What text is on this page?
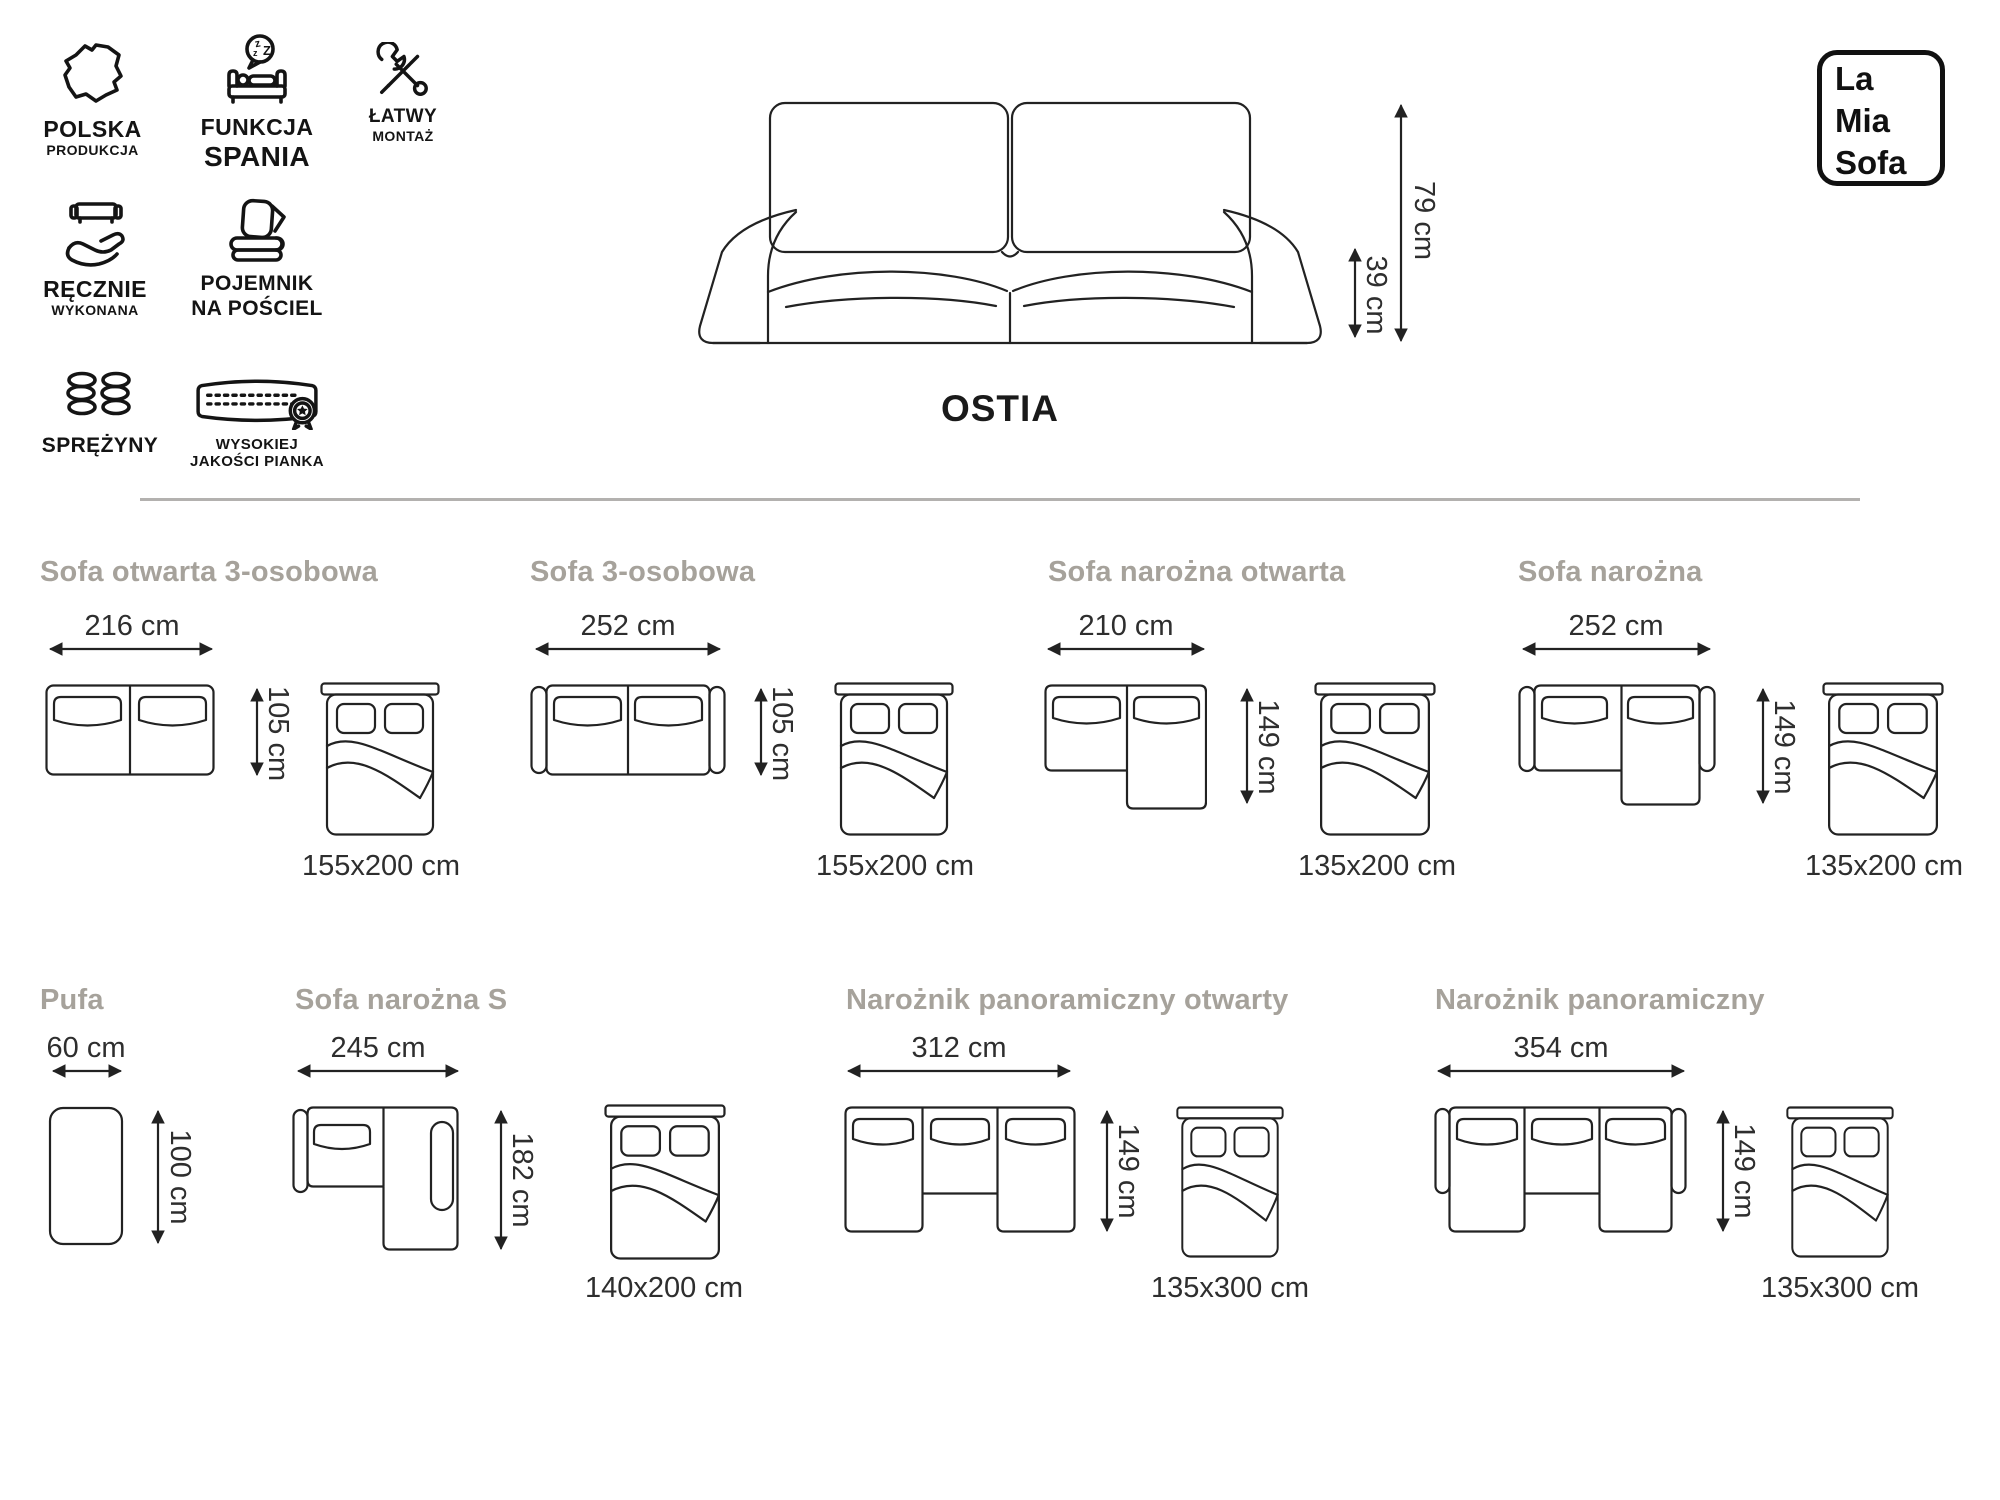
POLSKA
PRODUKCJA
z Z
z
FUNKCJA
SPANIA
ŁATWY
MONTAŻ
RĘCZNIE
WYKONANA
POJEMNIK
NA POŚCIEL
SPRĘŻYNY	WYSOKIEJ
JAKOŚCI PIANKA
39 cm
79 cm
OSTIA
La
Mia
Sofa
Sofa otwarta 3-osobowa
216 cm
105 cm
155x200 cm
Sofa 3-osobowa
252 cm
105 cm
155x200 cm
Sofa narożna otwarta
210 cm
149 cm
135x200 cm
Sofa narożna
252 cm
149 cm
135x200 cm
Pufa
60 cm
100 cm
Sofa narożna S
245 cm
182 cm
140x200 cm
Narożnik panoramiczny otwarty
312 cm
149 cm
135x300 cm
Narożnik panoramiczny
354 cm
149 cm
135x300 cm
